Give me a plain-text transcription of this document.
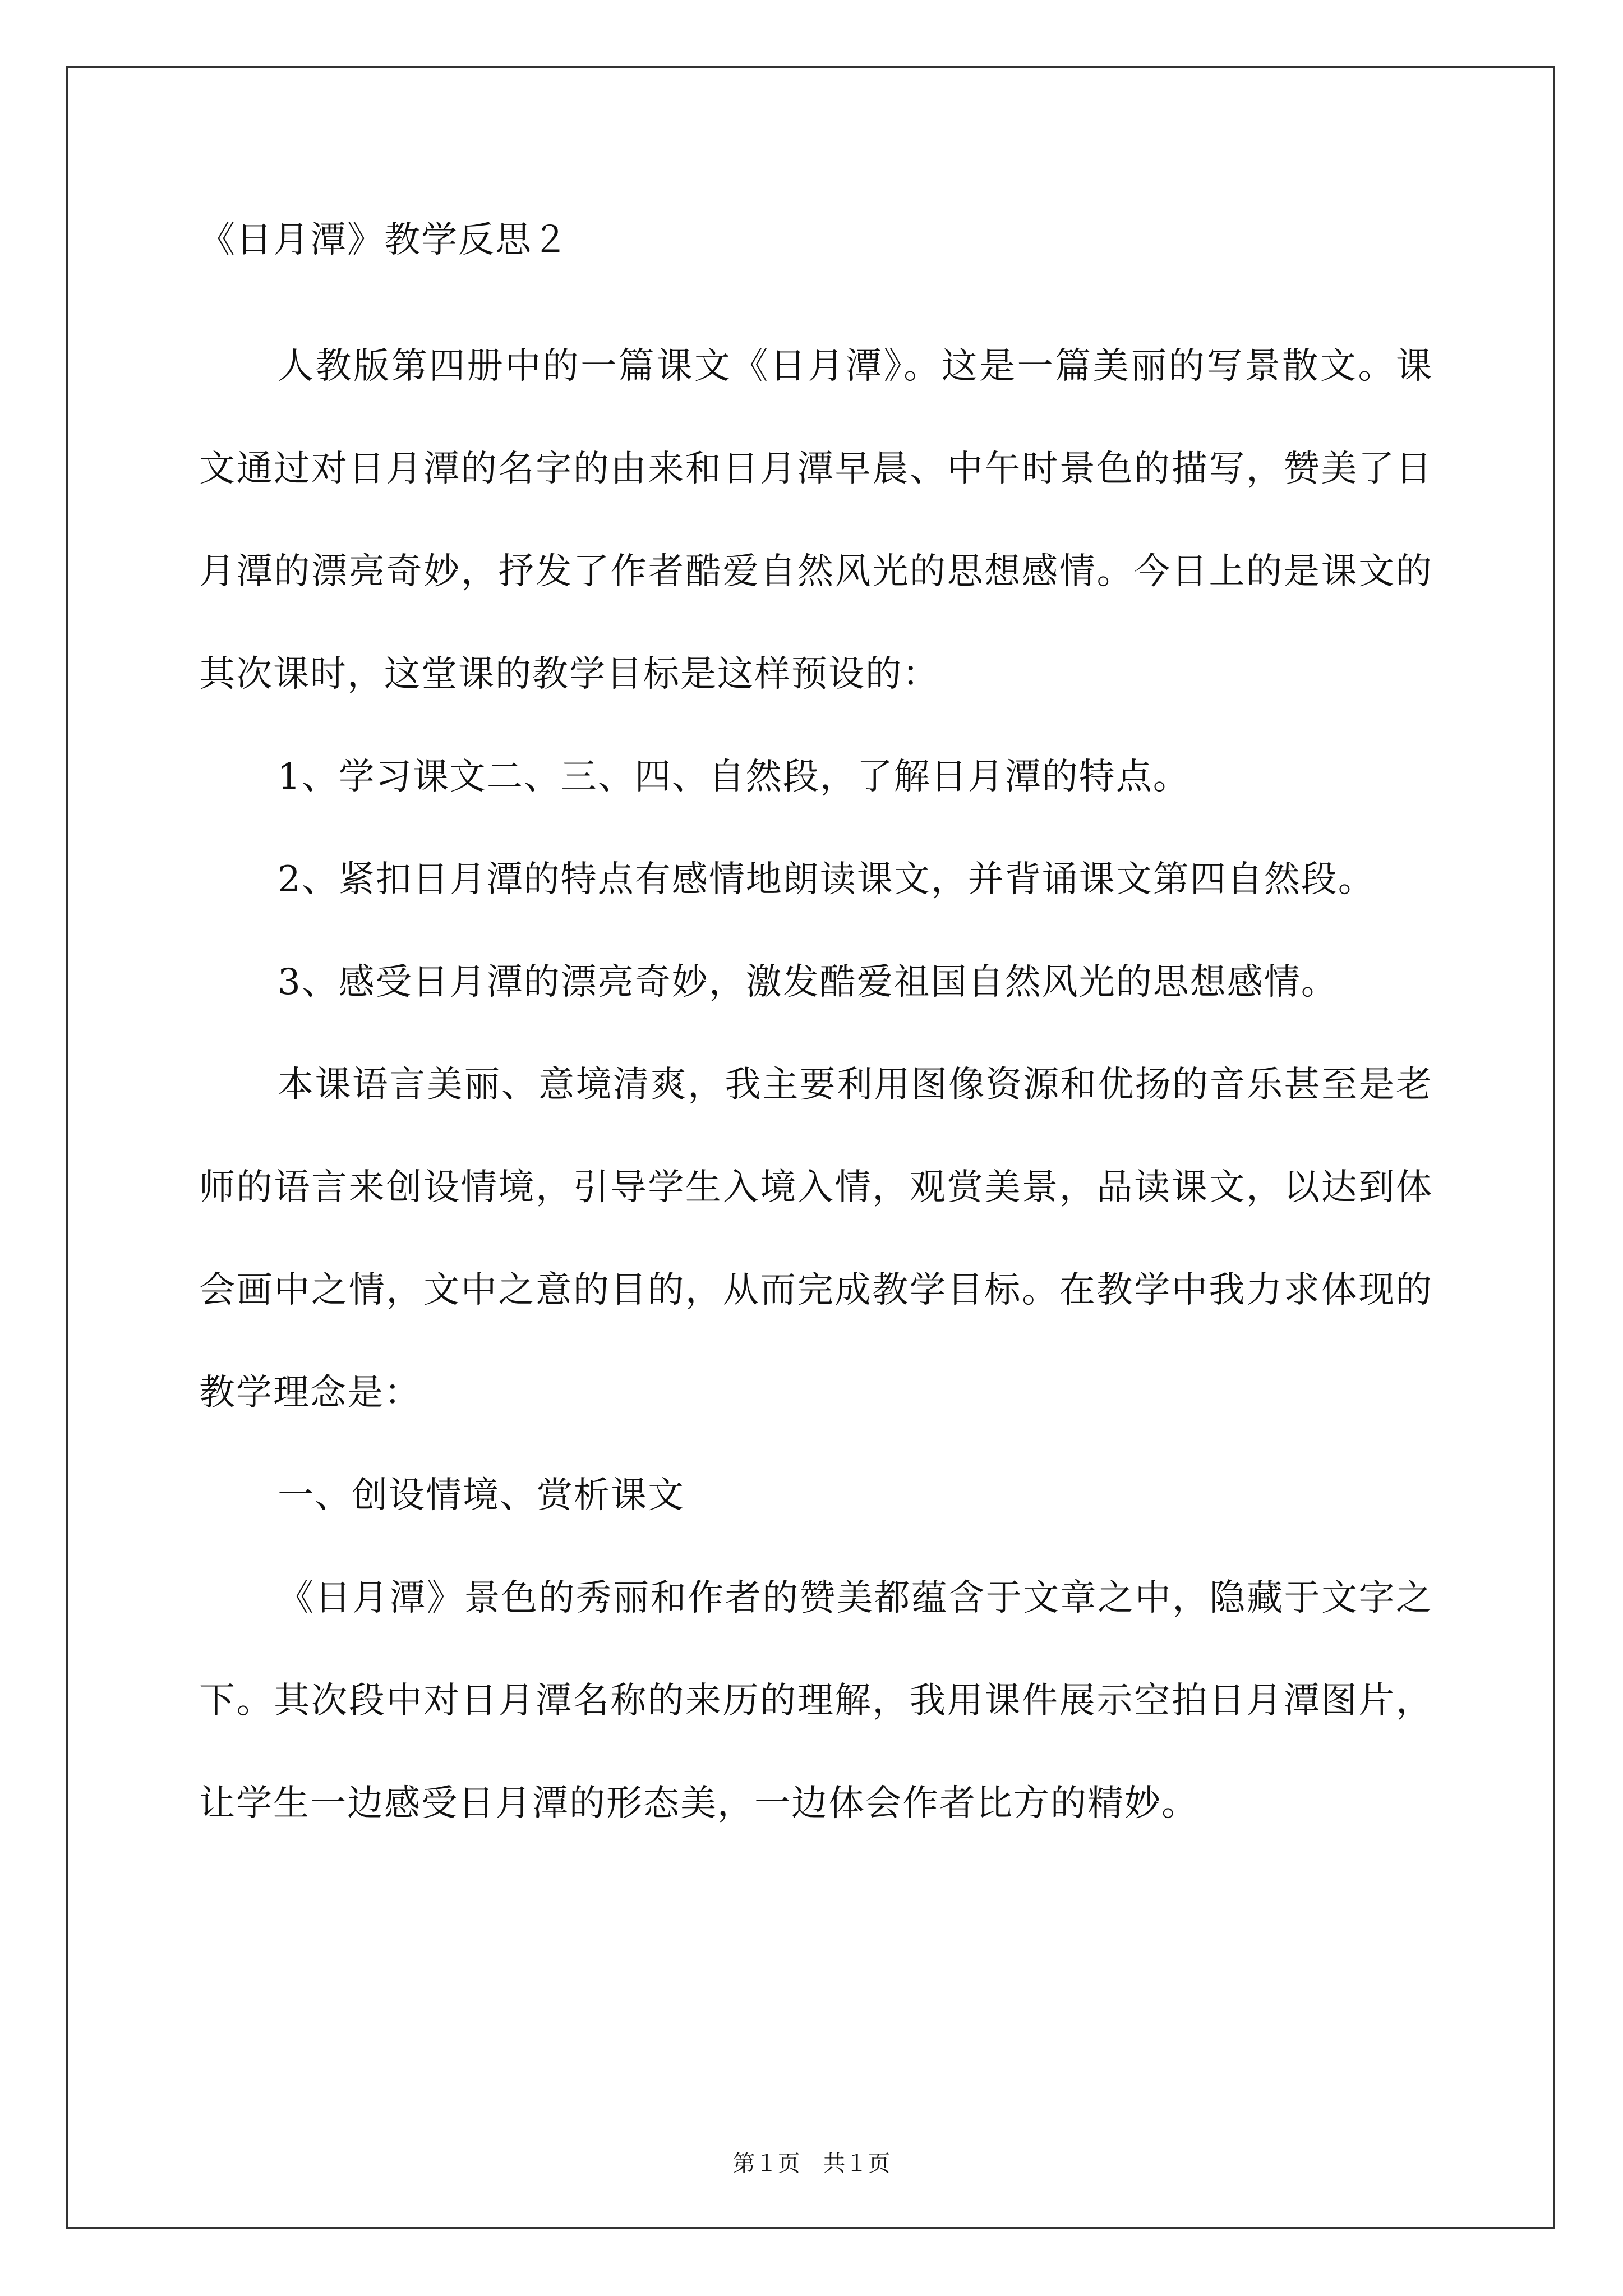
《日月潭》教学反思２

人教版第四册中的一篇课文《日月潭》。这是一篇美丽的写景散文。课文通过对日月潭的名字的由来和日月潭早晨、中午时景色的描写，赞美了日月潭的漂亮奇妙，抒发了作者酷爱自然风光的思想感情。今日上的是课文的其次课时，这堂课的教学目标是这样预设的：

1、学习课文二、三、四、自然段，了解日月潭的特点。

2、紧扣日月潭的特点有感情地朗读课文，并背诵课文第四自然段。

3、感受日月潭的漂亮奇妙，激发酷爱祖国自然风光的思想感情。

本课语言美丽、意境清爽，我主要利用图像资源和优扬的音乐甚至是老师的语言来创设情境，引导学生入境入情，观赏美景，品读课文，以达到体会画中之情，文中之意的目的，从而完成教学目标。在教学中我力求体现的教学理念是：

一、创设情境、赏析课文

《日月潭》景色的秀丽和作者的赞美都蕴含于文章之中，隐藏于文字之下。其次段中对日月潭名称的来历的理解，我用课件展示空拍日月潭图片，让学生一边感受日月潭的形态美，一边体会作者比方的精妙。

第１页 共１页
